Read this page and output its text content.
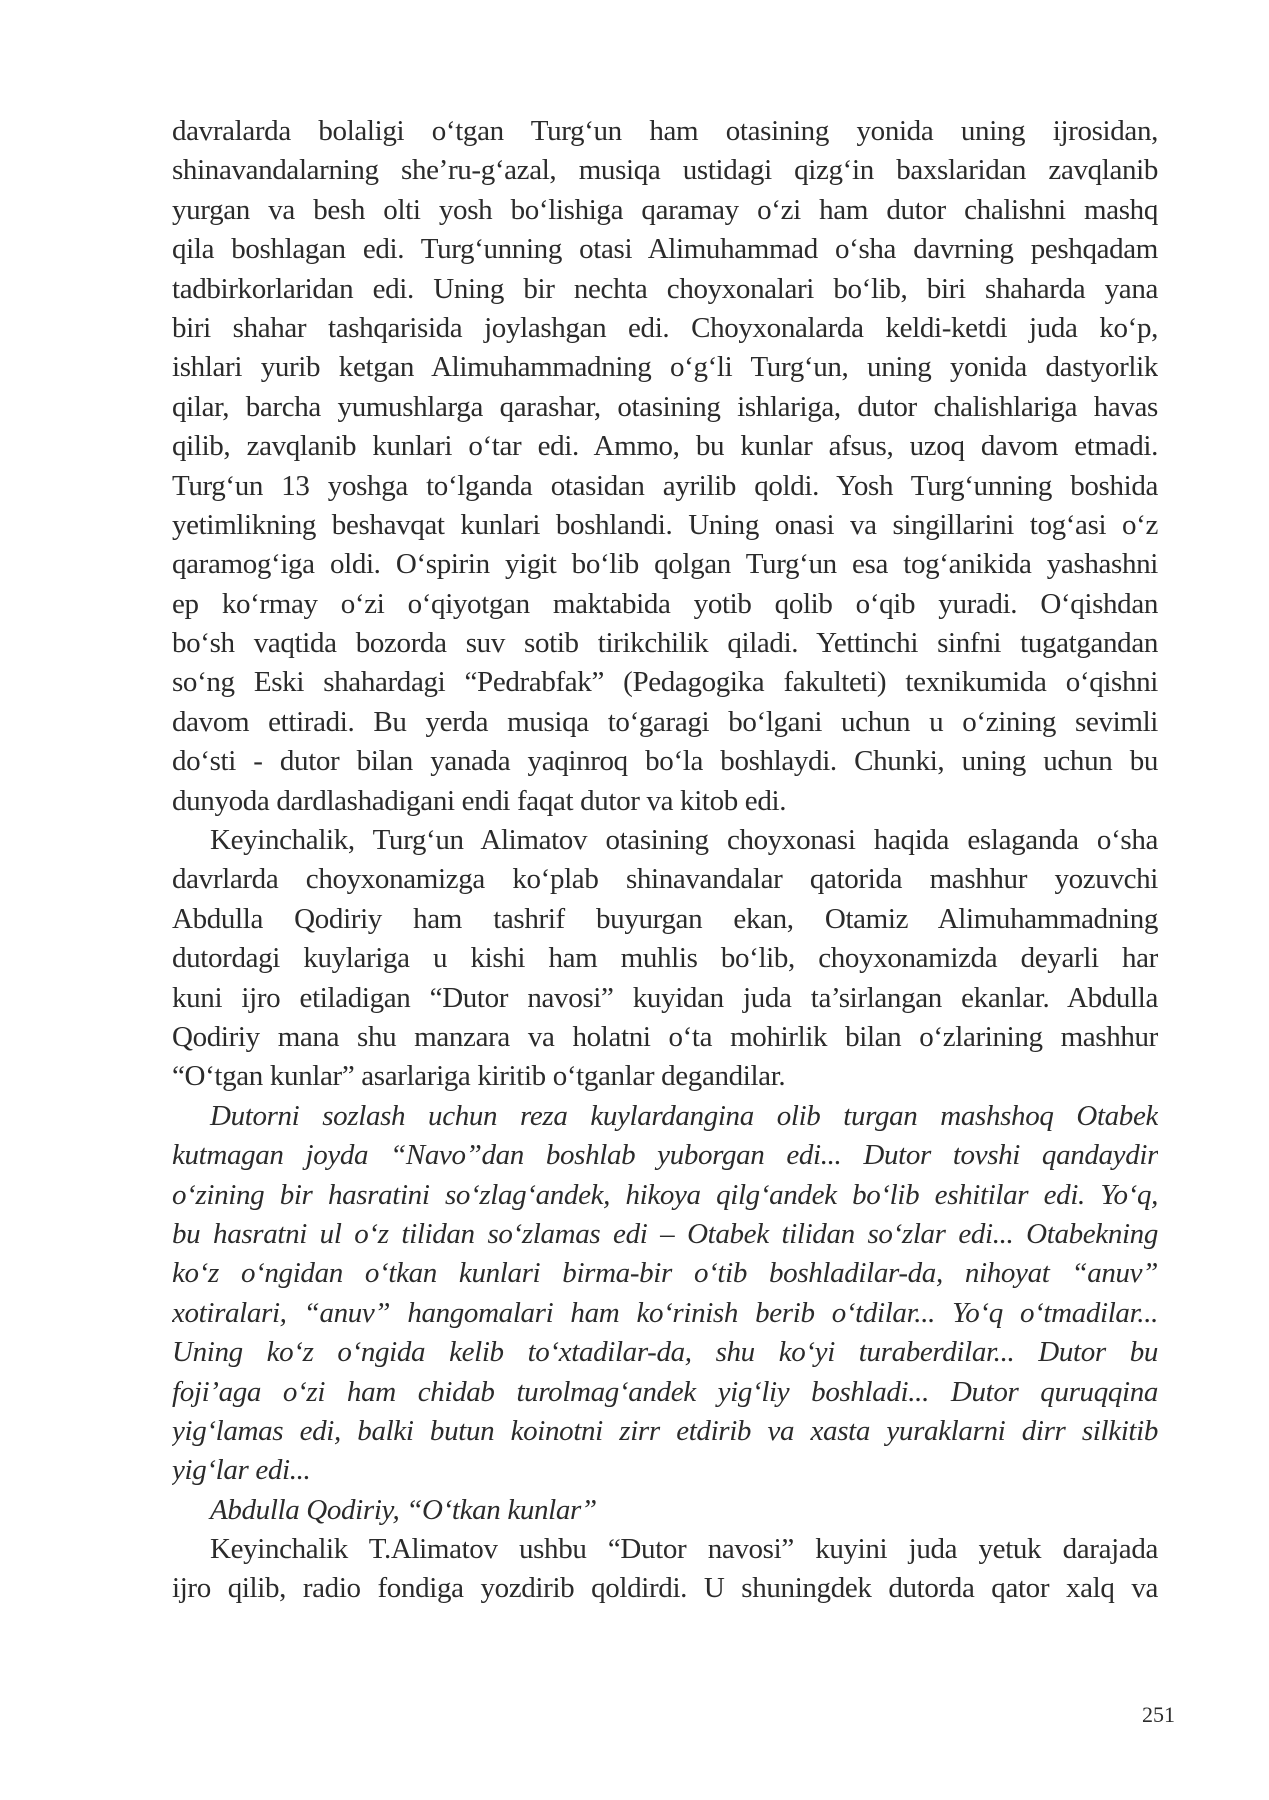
davralarda bolaligi o‘tgan Turg‘un ham otasining yonida uning ijrosidan,
shinavandalarning she’ru-g‘azal, musiqa ustidagi qizg‘in baxslaridan zavqlanib
yurgan va besh olti yosh bo‘lishiga qaramay o‘zi ham dutor chalishni mashq
qila boshlagan edi. Turg‘unning otasi Alimuhammad o‘sha davrning peshqadam
tadbirkorlaridan edi. Uning bir nechta choyxonalari bo‘lib, biri shaharda yana
biri shahar tashqarisida joylashgan edi. Choyxonalarda keldi-ketdi juda ko‘p,
ishlari yurib ketgan Alimuhammadning o‘g‘li Turg‘un, uning yonida dastyorlik
qilar, barcha yumushlarga qarashar, otasining ishlariga, dutor chalishlariga havas
qilib, zavqlanib kunlari o‘tar edi. Ammo, bu kunlar afsus, uzoq davom etmadi.
Turg‘un 13 yoshga to‘lganda otasidan ayrilib qoldi. Yosh Turg‘unning boshida
yetimlikning beshavqat kunlari boshlandi. Uning onasi va singillarini tog‘asi o‘z
qaramog‘iga oldi. O‘spirin yigit bo‘lib qolgan Turg‘un esa tog‘anikida yashashni
ep ko‘rmay o‘zi o‘qiyotgan maktabida yotib qolib o‘qib yuradi. O‘qishdan
bo‘sh vaqtida bozorda suv sotib tirikchilik qiladi. Yettinchi sinfni tugatgandan
so‘ng Eski shahardagi “Pedrabfak” (Pedagogika fakulteti) texnikumida o‘qishni
davom ettiradi. Bu yerda musiqa to‘garagi bo‘lgani uchun u o‘zining sevimli
do‘sti - dutor bilan yanada yaqinroq bo‘la boshlaydi. Chunki, uning uchun bu
dunyoda dardlashadigani endi faqat dutor va kitob edi.
Keyinchalik, Turg‘un Alimatov otasining choyxonasi haqida eslaganda o‘sha
davrlarda choyxonamizga ko‘plab shinavandalar qatorida mashhur yozuvchi
Abdulla Qodiriy ham tashrif buyurgan ekan, Otamiz Alimuhammadning
dutordagi kuylariga u kishi ham muhlis bo‘lib, choyxonamizda deyarli har
kuni ijro etiladigan “Dutor navosi” kuyidan juda ta’sirlangan ekanlar. Abdulla
Qodiriy mana shu manzara va holatni o‘ta mohirlik bilan o‘zlarining mashhur
“O‘tgan kunlar” asarlariga kiritib o‘tganlar degandilar.
Dutorni sozlash uchun reza kuylardangina olib turgan mashshoq Otabek
kutmagan joyda “Navo”dan boshlab yuborgan edi... Dutor tovshi qandaydir
o‘zining bir hasratini so‘zlag‘andek, hikoya qilg‘andek bo‘lib eshitilar edi. Yo‘q,
bu hasratni ul o‘z tilidan so‘zlamas edi – Otabek tilidan so‘zlar edi... Otabekning
ko‘z o‘ngidan o‘tkan kunlari birma-bir o‘tib boshladilar-da, nihoyat “anuv”
xotiralari, “anuv” hangomalari ham ko‘rinish berib o‘tdilar... Yo‘q o‘tmadilar...
Uning ko‘z o‘ngida kelib to‘xtadilar-da, shu ko‘yi turaberdilar... Dutor bu
foji’aga o‘zi ham chidab turolmag‘andek yig‘liy boshladi... Dutor quruqqina
yig‘lamas edi, balki butun koinotni zirr etdirib va xasta yuraklarni dirr silkitib
yig‘lar edi...
Abdulla Qodiriy, “O‘tkan kunlar”
Keyinchalik T.Alimatov ushbu “Dutor navosi” kuyini juda yetuk darajada
ijro qilib, radio fondiga yozdirib qoldirdi. U shuningdek dutorda qator xalq va
251
